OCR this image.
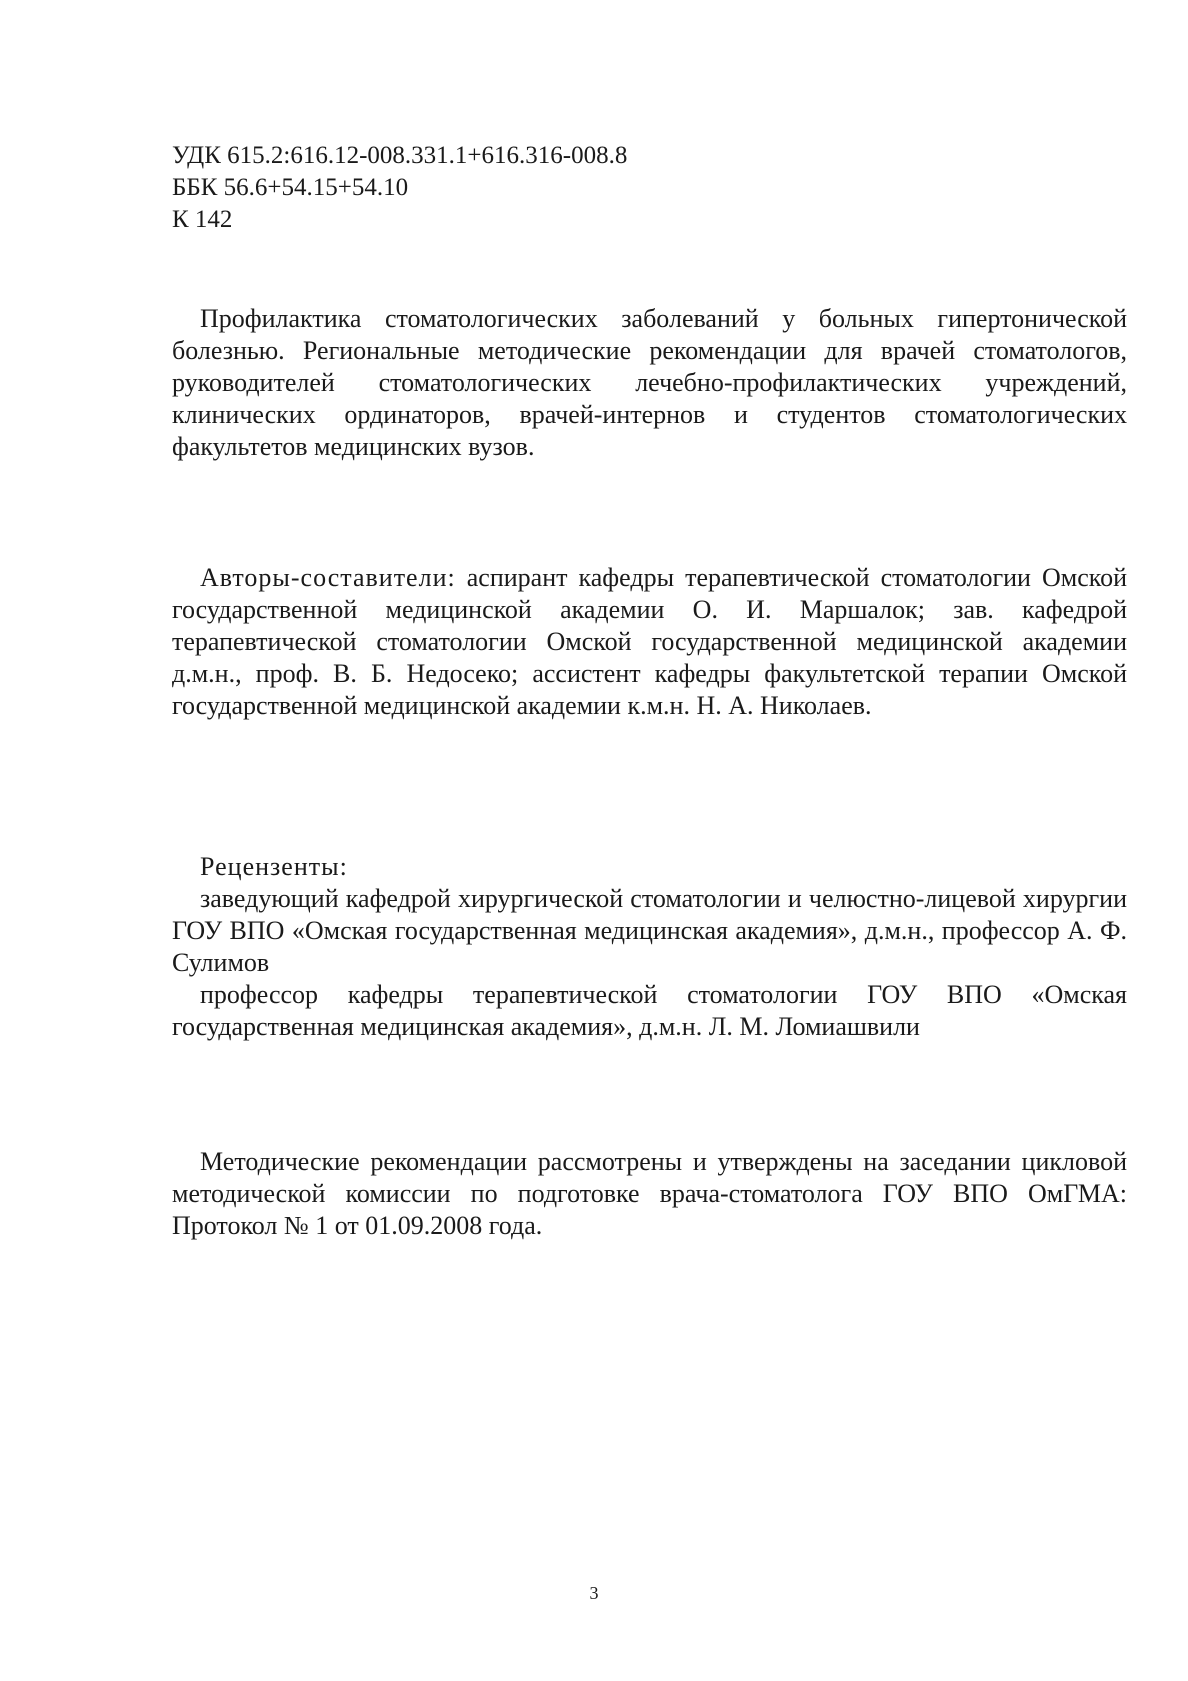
УДК 615.2:616.12-008.331.1+616.316-008.8
ББК 56.6+54.15+54.10
К 142

Профилактика стоматологических заболеваний у больных гипертонической болезнью. Региональные методические рекомендации для врачей стоматологов, руководителей стоматологических лечебно-профилактических учреждений, клинических ординаторов, врачей-интернов и студентов стоматологических факультетов медицинских вузов.

Авторы-составители: аспирант кафедры терапевтической стоматологии Омской государственной медицинской академии О. И. Маршалок; зав. кафедрой терапевтической стоматологии Омской государственной медицинской академии д.м.н., проф. В. Б. Недосеко; ассистент кафедры факультетской терапии Омской государственной медицинской академии к.м.н. Н. А. Николаев.

Рецензенты:

заведующий кафедрой хирургической стоматологии и челюстно-лицевой хирургии ГОУ ВПО «Омская государственная медицинская академия», д.м.н., профессор А. Ф. Сулимов

профессор кафедры терапевтической стоматологии ГОУ ВПО «Омская государственная медицинская академия», д.м.н. Л. М. Ломиашвили

Методические рекомендации рассмотрены и утверждены на заседании цикловой методической комиссии по подготовке врача-стоматолога ГОУ ВПО ОмГМА: Протокол № 1 от 01.09.2008 года.

3
